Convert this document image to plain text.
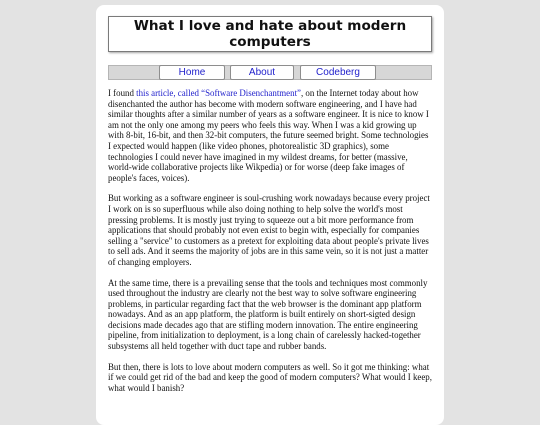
What I love and hate about modern computers
Home	About	Codeberg

I found this article, called “Software Disenchantment”, on the Internet today about how disenchanted the author has become with modern software engineering, and I have had similar thoughts after a similar number of years as a software engineer. It is nice to know I am not the only one among my peers who feels this way. When I was a kid growing up with 8-bit, 16-bit, and then 32-bit computers, the future seemed bright. Some technologies I expected would happen (like video phones, photorealistic 3D graphics), some technologies I could never have imagined in my wildest dreams, for better (massive, world-wide collaborative projects like Wikpedia) or for worse (deep fake images of people's faces, voices).

But working as a software engineer is soul-crushing work nowadays because every project I work on is so superfluous while also doing nothing to help solve the world's most pressing problems. It is mostly just trying to squeeze out a bit more performance from applications that should probably not even exist to begin with, especially for companies selling a "service" to customers as a pretext for exploiting data about people's private lives to sell ads. And it seems the majority of jobs are in this same vein, so it is not just a matter of changing employers.

At the same time, there is a prevailing sense that the tools and techniques most commonly used throughout the industry are clearly not the best way to solve software engineering problems, in particular regarding fact that the web browser is the dominant app platform nowadays. And as an app platform, the platform is built entirely on short-sigted design decisions made decades ago that are stifling modern innovation. The entire engineering pipeline, from initialization to deployment, is a long chain of carelessly hacked-together subsystems all held together with duct tape and rubber bands.

But then, there is lots to love about modern computers as well. So it got me thinking: what if we could get rid of the bad and keep the good of modern computers? What would I keep, what would I banish?
